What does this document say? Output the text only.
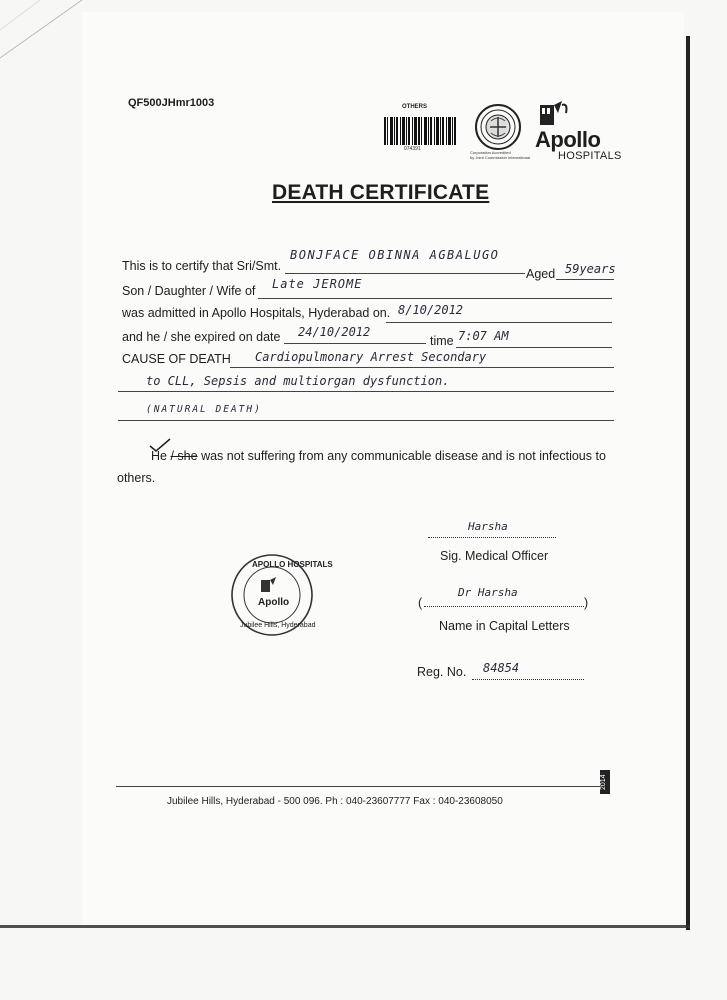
QF500JHmr1003	OTHERS
074391
Corporation Accredited
by Joint Commission International
Apollo
HOSPITALS
DEATH CERTIFICATE
This is to certify that Sri/Smt.
BONJFACE OBINNA AGBALUGO
Aged 59years
Son / Daughter / Wife of Late JEROME
was admitted in Apollo Hospitals, Hyderabad on. 8/10/2012
and he / she expired on date 24/10/2012
time 7:07 AM
CAUSE OF DEATH Cardiopulmonary Arrest Secondary
to CLL, Sepsis and multiorgan dysfunction.
(NATURAL DEATH)
He / she was not suffering from any communicable disease and is not infectious to
others.
Harsha
Sig. Medical Officer
(	)
Dr Harsha
Name in Capital Letters
Reg. No. 84854
APOLLO HOSPITALS
Apollo
Jubilee Hills, Hyderabad
2014
Jubilee Hills, Hyderabad - 500 096. Ph : 040-23607777 Fax : 040-23608050
